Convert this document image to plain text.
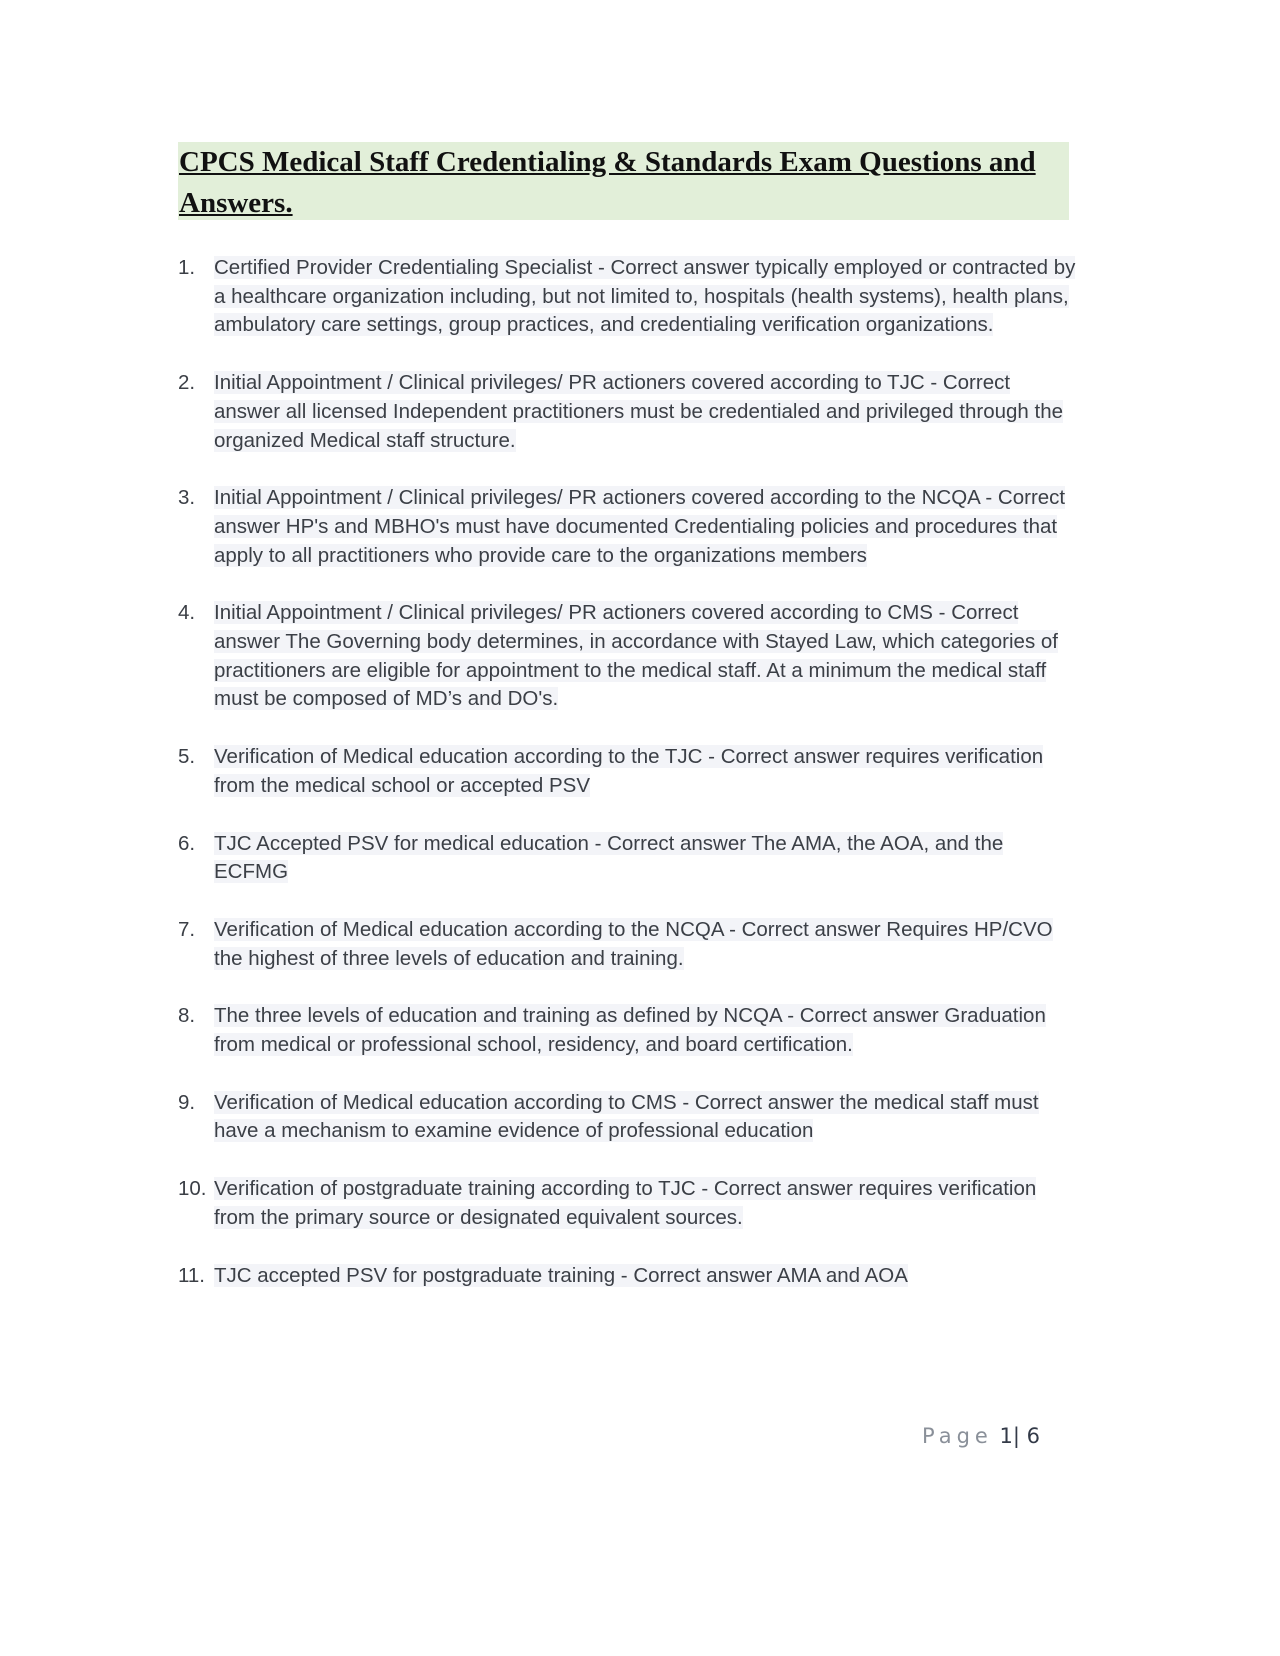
CPCS Medical Staff Credentialing & Standards Exam Questions and Answers.
1. Certified Provider Credentialing Specialist - Correct answer typically employed or contracted by a healthcare organization including, but not limited to, hospitals (health systems), health plans, ambulatory care settings, group practices, and credentialing verification organizations.
2. Initial Appointment / Clinical privileges/ PR actioners covered according to TJC - Correct answer all licensed Independent practitioners must be credentialed and privileged through the organized Medical staff structure.
3. Initial Appointment / Clinical privileges/ PR actioners covered according to the NCQA - Correct answer HP's and MBHO's must have documented Credentialing policies and procedures that apply to all practitioners who provide care to the organizations members
4. Initial Appointment / Clinical privileges/ PR actioners covered according to CMS - Correct answer The Governing body determines, in accordance with Stayed Law, which categories of practitioners are eligible for appointment to the medical staff. At a minimum the medical staff must be composed of MD’s and DO's.
5. Verification of Medical education according to the TJC - Correct answer requires verification from the medical school or accepted PSV
6. TJC Accepted PSV for medical education - Correct answer The AMA, the AOA, and the ECFMG
7. Verification of Medical education according to the NCQA - Correct answer Requires HP/CVO the highest of three levels of education and training.
8. The three levels of education and training as defined by NCQA - Correct answer Graduation from medical or professional school, residency, and board certification.
9. Verification of Medical education according to CMS - Correct answer the medical staff must have a mechanism to examine evidence of professional education
10. Verification of postgraduate training according to TJC - Correct answer requires verification from the primary source or designated equivalent sources.
11. TJC accepted PSV for postgraduate training - Correct answer AMA and AOA
Page 1| 6
